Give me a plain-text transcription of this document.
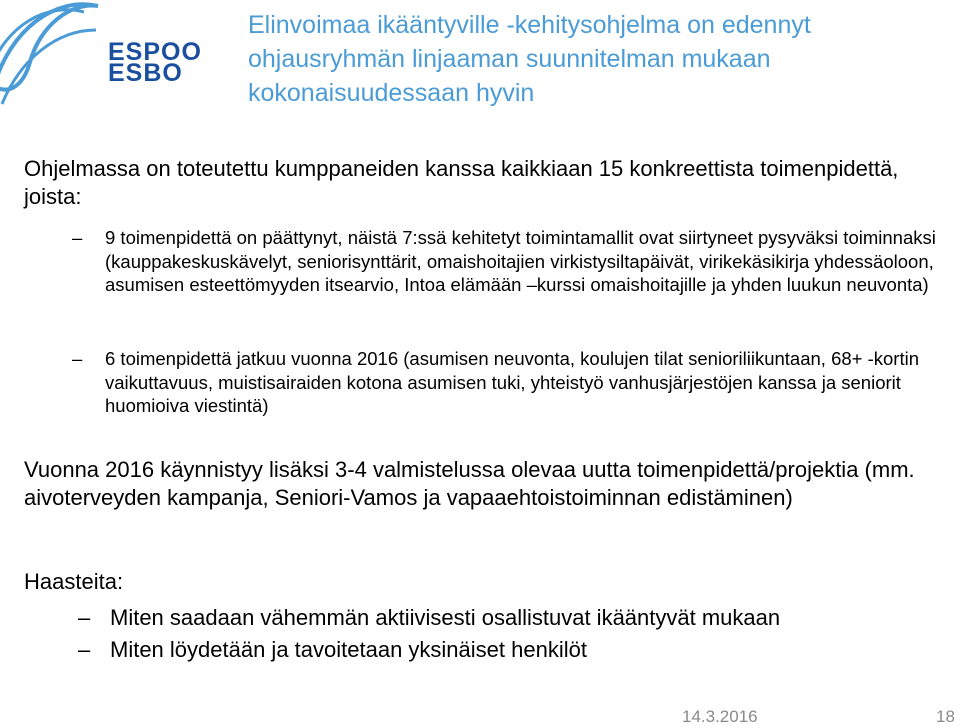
ESPOO
ESBO
Elinvoimaa ikääntyville -kehitysohjelma on edennyt ohjausryhmän linjaaman suunnitelman mukaan kokonaisuudessaan hyvin
Ohjelmassa on toteutettu kumppaneiden kanssa kaikkiaan 15 konkreettista toimenpidettä, joista:
–	9 toimenpidettä on päättynyt, näistä 7:ssä kehitetyt toimintamallit ovat siirtyneet pysyväksi toiminnaksi (kauppakeskuskävelyt, seniorisynttärit, omaishoitajien virkistysiltapäivät, virikekäsikirja yhdessäoloon, asumisen esteettömyyden itsearvio, Intoa elämään –kurssi omaishoitajille ja yhden luukun neuvonta)
–	6 toimenpidettä jatkuu vuonna 2016 (asumisen neuvonta, koulujen tilat senioriliikuntaan, 68+ -kortin vaikuttavuus, muistisairaiden kotona asumisen tuki, yhteistyö vanhusjärjestöjen kanssa ja seniorit huomioiva viestintä)
Vuonna 2016 käynnistyy lisäksi 3-4 valmistelussa olevaa uutta toimenpidettä/projektia (mm. aivoterveyden kampanja, Seniori-Vamos ja vapaaehtoistoiminnan edistäminen)
Haasteita:
– Miten saadaan vähemmän aktiivisesti osallistuvat ikääntyvät mukaan
– Miten löydetään ja tavoitetaan yksinäiset henkilöt
14.3.2016	18
